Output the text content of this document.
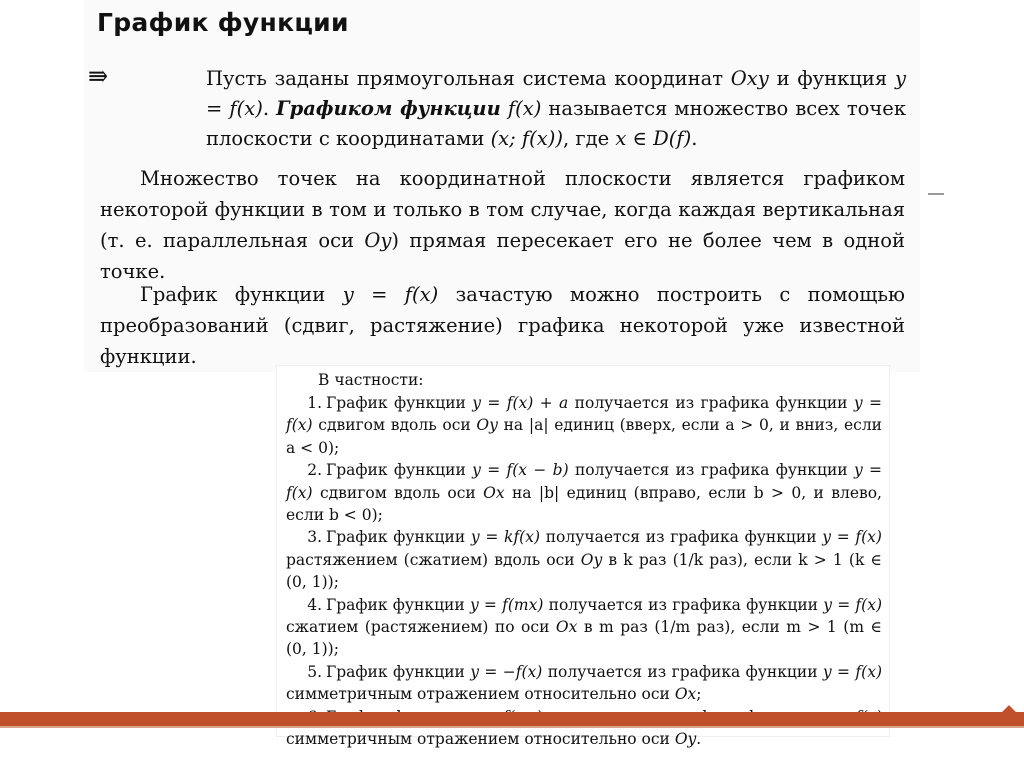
График функции
⇛	Пусть заданы прямоугольная система координат Oxy и функция y = f(x). Графиком функции f(x) называется множество всех точек плоскости с координатами (x; f(x)), где x ∈ D(f).
Множество точек на координатной плоскости является графиком некоторой функции в том и только в том случае, когда каждая вертикальная (т. е. параллельная оси Oy) прямая пересекает его не более чем в одной точке.
График функции y = f(x) зачастую можно построить с помощью преобразований (сдвиг, растяжение) графика некоторой уже известной функции.
В частности:
1. График функции y = f(x) + a получается из графика функции y = f(x) сдвигом вдоль оси Oy на |a| единиц (вверх, если a > 0, и вниз, если a < 0);
2. График функции y = f(x − b) получается из графика функции y = f(x) сдвигом вдоль оси Ox на |b| единиц (вправо, если b > 0, и влево, если b < 0);
3. График функции y = kf(x) получается из графика функции y = f(x) растяжением (сжатием) вдоль оси Oy в k раз (1/k раз), если k > 1 (k ∈ (0, 1));
4. График функции y = f(mx) получается из графика функции y = f(x) сжатием (растяжением) по оси Ox в m раз (1/m раз), если m > 1 (m ∈ (0, 1));
5. График функции y = −f(x) получается из графика функции y = f(x) симметричным отражением относительно оси Ox;
симметричным отражением относительно оси Oy.
